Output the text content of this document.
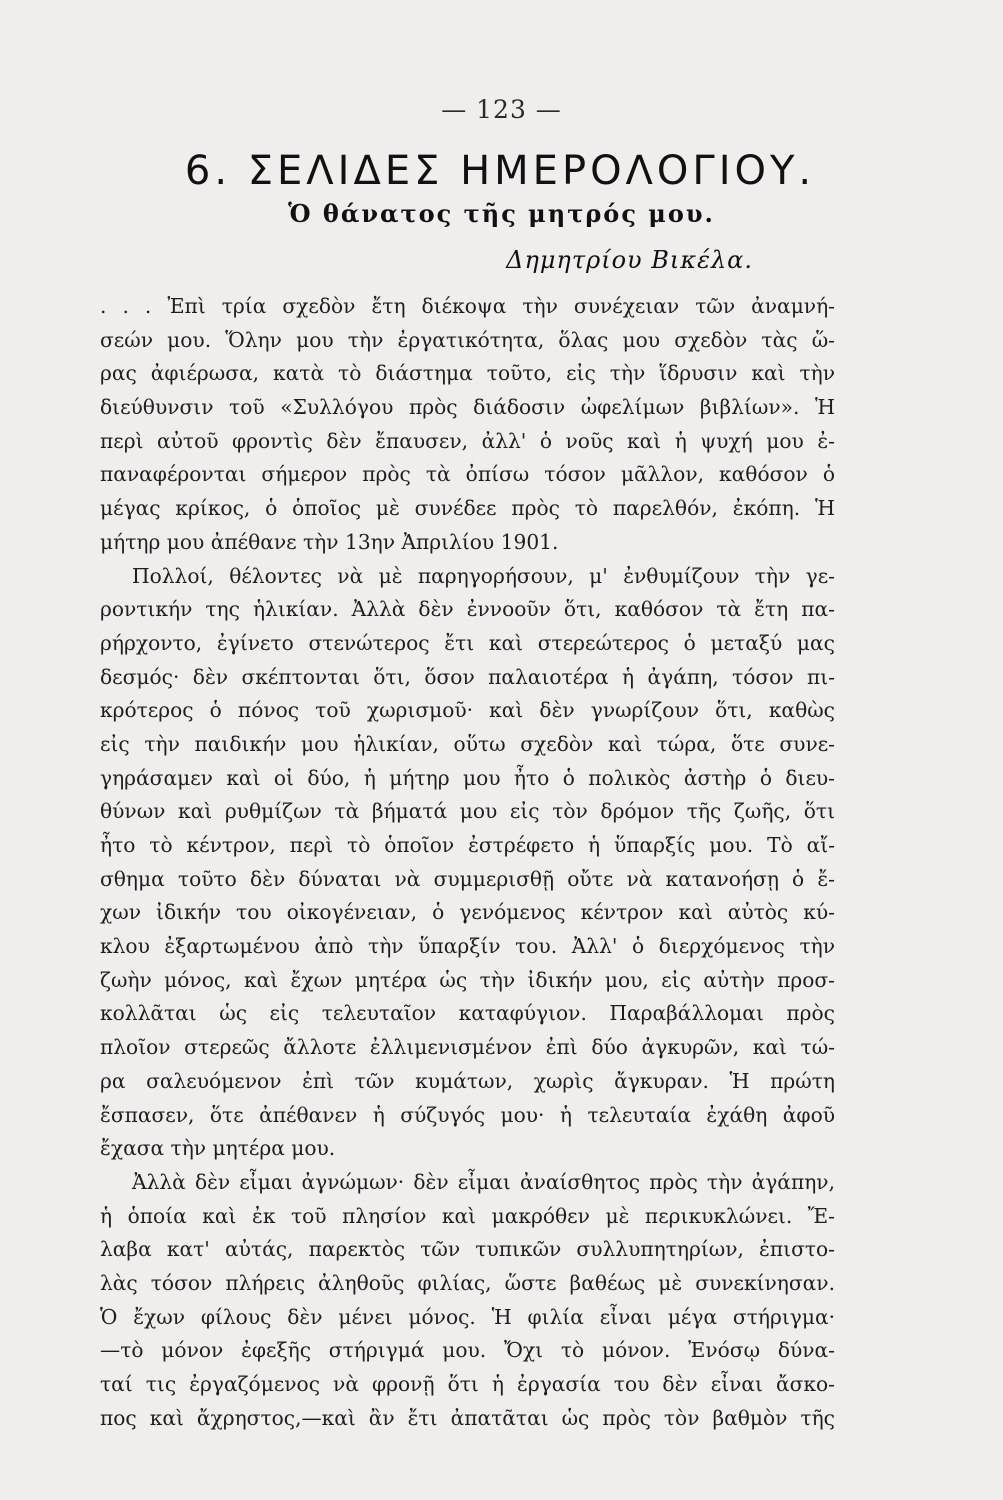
— 123 —
6. ΣΕΛΙΔΕΣ ΗΜΕΡΟΛΟΓΙΟΥ.
Ὁ θάνατος τῆς μητρός μου.
Δημητρίου Βικέλα.
. . . Ἐπὶ τρία σχεδὸν ἔτη διέκοψα τὴν συνέχειαν τῶν ἀναμνή-
σεών μου. Ὅλην μου τὴν ἐργατικότητα, ὅλας μου σχεδὸν τὰς ὥ-
ρας ἀφιέρωσα, κατὰ τὸ διάστημα τοῦτο, εἰς τὴν ἵδρυσιν καὶ τὴν
διεύθυνσιν τοῦ «Συλλόγου πρὸς διάδοσιν ὠφελίμων βιβλίων». Ἡ
περὶ αὐτοῦ φροντὶς δὲν ἔπαυσεν, ἀλλ' ὁ νοῦς καὶ ἡ ψυχή μου ἐ-
παναφέρονται σήμερον πρὸς τὰ ὀπίσω τόσον μᾶλλον, καθόσον ὁ
μέγας κρίκος, ὁ ὁποῖος μὲ συνέδεε πρὸς τὸ παρελθόν, ἐκόπη. Ἡ
μήτηρ μου ἀπέθανε τὴν 13ην Ἀπριλίου 1901.
Πολλοί, θέλοντες νὰ μὲ παρηγορήσουν, μ' ἐνθυμίζουν τὴν γε-
ροντικήν της ἡλικίαν. Ἀλλὰ δὲν ἐννοοῦν ὅτι, καθόσον τὰ ἔτη πα-
ρήρχοντο, ἐγίνετο στενώτερος ἔτι καὶ στερεώτερος ὁ μεταξύ μας
δεσμός· δὲν σκέπτονται ὅτι, ὅσον παλαιοτέρα ἡ ἀγάπη, τόσον πι-
κρότερος ὁ πόνος τοῦ χωρισμοῦ· καὶ δὲν γνωρίζουν ὅτι, καθὼς
εἰς τὴν παιδικήν μου ἡλικίαν, οὕτω σχεδὸν καὶ τώρα, ὅτε συνε-
γηράσαμεν καὶ οἱ δύο, ἡ μήτηρ μου ἦτο ὁ πολικὸς ἀστὴρ ὁ διευ-
θύνων καὶ ρυθμίζων τὰ βήματά μου εἰς τὸν δρόμον τῆς ζωῆς, ὅτι
ἦτο τὸ κέντρον, περὶ τὸ ὁποῖον ἐστρέφετο ἡ ὕπαρξίς μου. Τὸ αἴ-
σθημα τοῦτο δὲν δύναται νὰ συμμερισθῇ οὔτε νὰ κατανοήσῃ ὁ ἔ-
χων ἰδικήν του οἰκογένειαν, ὁ γενόμενος κέντρον καὶ αὐτὸς κύ-
κλου ἐξαρτωμένου ἀπὸ τὴν ὕπαρξίν του. Ἀλλ' ὁ διερχόμενος τὴν
ζωὴν μόνος, καὶ ἔχων μητέρα ὡς τὴν ἰδικήν μου, εἰς αὐτὴν προσ-
κολλᾶται ὡς εἰς τελευταῖον καταφύγιον. Παραβάλλομαι πρὸς
πλοῖον στερεῶς ἄλλοτε ἐλλιμενισμένον ἐπὶ δύο ἀγκυρῶν, καὶ τώ-
ρα σαλευόμενον ἐπὶ τῶν κυμάτων, χωρὶς ἄγκυραν. Ἡ πρώτη
ἔσπασεν, ὅτε ἀπέθανεν ἡ σύζυγός μου· ἡ τελευταία ἐχάθη ἀφοῦ
ἔχασα τὴν μητέρα μου.
Ἀλλὰ δὲν εἶμαι ἀγνώμων· δὲν εἶμαι ἀναίσθητος πρὸς τὴν ἀγάπην,
ἡ ὁποία καὶ ἐκ τοῦ πλησίον καὶ μακρόθεν μὲ περικυκλώνει. Ἔ-
λαβα κατ' αὐτάς, παρεκτὸς τῶν τυπικῶν συλλυπητηρίων, ἐπιστο-
λὰς τόσον πλήρεις ἀληθοῦς φιλίας, ὥστε βαθέως μὲ συνεκίνησαν.
Ὁ ἔχων φίλους δὲν μένει μόνος. Ἡ φιλία εἶναι μέγα στήριγμα·
—τὸ μόνον ἐφεξῆς στήριγμά μου. Ὄχι τὸ μόνον. Ἐνόσῳ δύνα-
ταί τις ἐργαζόμενος νὰ φρονῇ ὅτι ἡ ἐργασία του δὲν εἶναι ἄσκο-
πος καὶ ἄχρηστος,—καὶ ἂν ἔτι ἀπατᾶται ὡς πρὸς τὸν βαθμὸν τῆς
